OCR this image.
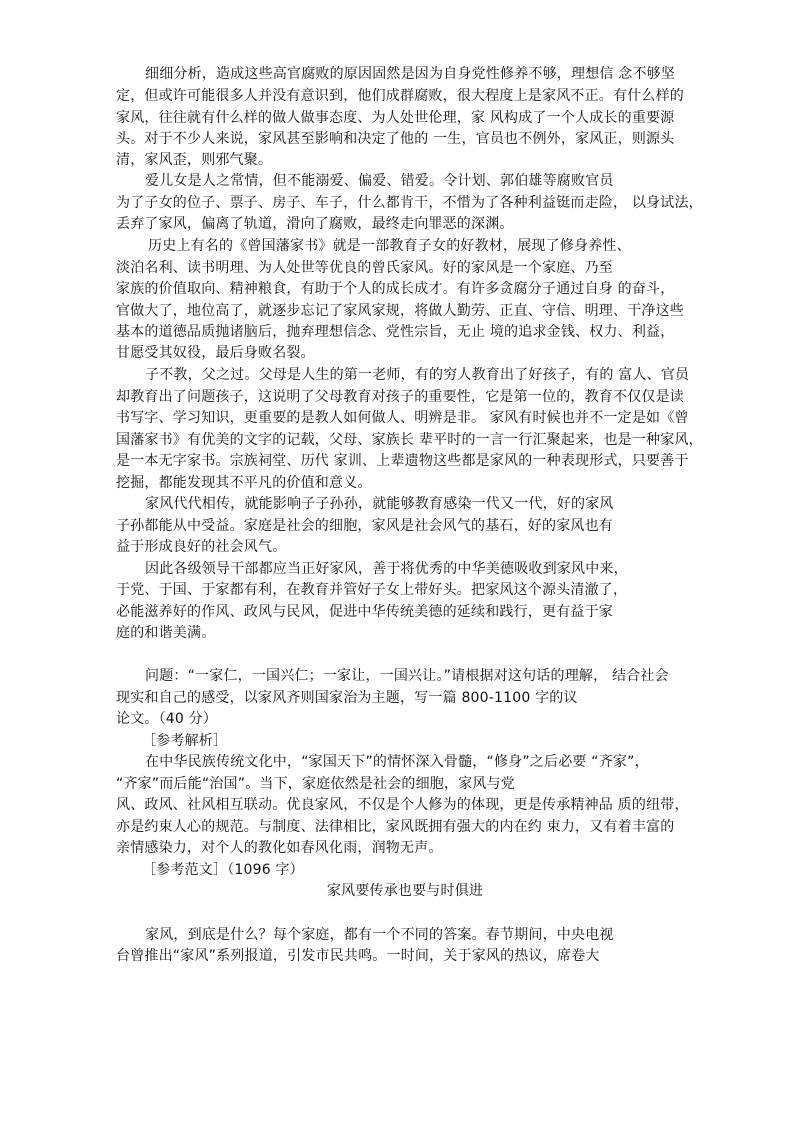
细细分析，造成这些高官腐败的原因固然是因为自身党性修养不够，理想信 念不够坚
定，但或许可能很多人并没有意识到，他们成群腐败，很大程度上是家风不正。有什么样的
家风，往往就有什么样的做人做事态度、为人处世伦理，家 风构成了一个人成长的重要源
头。对于不少人来说，家风甚至影响和决定了他的 一生，官员也不例外，家风正，则源头
清，家风歪，则邪气聚。
爱儿女是人之常情，但不能溺爱、偏爱、错爱。令计划、郭伯雄等腐败官员
为了子女的位子、票子、房子、车子，什么都肯干，不惜为了各种利益铤而走险， 以身试法，
丢弃了家风，偏离了轨道，滑向了腐败，最终走向罪恶的深渊。
历史上有名的《曾国藩家书》就是一部教育子女的好教材，展现了修身养性、
淡泊名利、读书明理、为人处世等优良的曾氏家风。好的家风是一个家庭、乃至
家族的价值取向、精神粮食，有助于个人的成长成才。有许多贪腐分子通过自身 的奋斗，
官做大了，地位高了，就逐步忘记了家风家规，将做人勤劳、正直、守信、明理、干净这些
基本的道德品质抛诸脑后，抛弃理想信念、党性宗旨，无止 境的追求金钱、权力、利益，
甘愿受其奴役，最后身败名裂。
子不教，父之过。父母是人生的第一老师，有的穷人教育出了好孩子，有的 富人、官员
却教育出了问题孩子，这说明了父母教育对孩子的重要性，它是第一位的，教育不仅仅是读
书写字、学习知识，更重要的是教人如何做人、明辨是非。 家风有时候也并不一定是如《曾
国藩家书》有优美的文字的记载，父母、家族长 辈平时的一言一行汇聚起来，也是一种家风，
是一本无字家书。宗族祠堂、历代 家训、上辈遗物这些都是家风的一种表现形式，只要善于
挖掘，都能发现其不平凡的价值和意义。
家风代代相传，就能影响子子孙孙，就能够教育感染一代又一代，好的家风
子孙都能从中受益。家庭是社会的细胞，家风是社会风气的基石，好的家风也有
益于形成良好的社会风气。
因此各级领导干部都应当正好家风，善于将优秀的中华美德吸收到家风中来，
于党、于国、于家都有利，在教育并管好子女上带好头。把家风这个源头清澈了，
必能滋养好的作风、政风与民风，促进中华传统美德的延续和践行，更有益于家
庭的和谐美满。
问题：“一家仁，一国兴仁；一家让，一国兴让。”请根据对这句话的理解， 结合社会
现实和自己的感受，以家风齐则国家治为主题，写一篇 800-1100 字的议
论文。（40 分）
［参考解析］
在中华民族传统文化中，“家国天下”的情怀深入骨髓，“修身”之后必要 “齐家”，
“齐家”而后能“治国”。当下，家庭依然是社会的细胞，家风与党
风、政风、社风相互联动。优良家风，不仅是个人修为的体现，更是传承精神品 质的纽带，
亦是约束人心的规范。与制度、法律相比，家风既拥有强大的内在约 束力，又有着丰富的
亲情感染力，对个人的教化如春风化雨，润物无声。
［参考范文］（1096 字）
家风要传承也要与时俱进
家风，到底是什么？每个家庭，都有一个不同的答案。春节期间，中央电视
台曾推出“家风”系列报道，引发市民共鸣。一时间，关于家风的热议，席卷大
